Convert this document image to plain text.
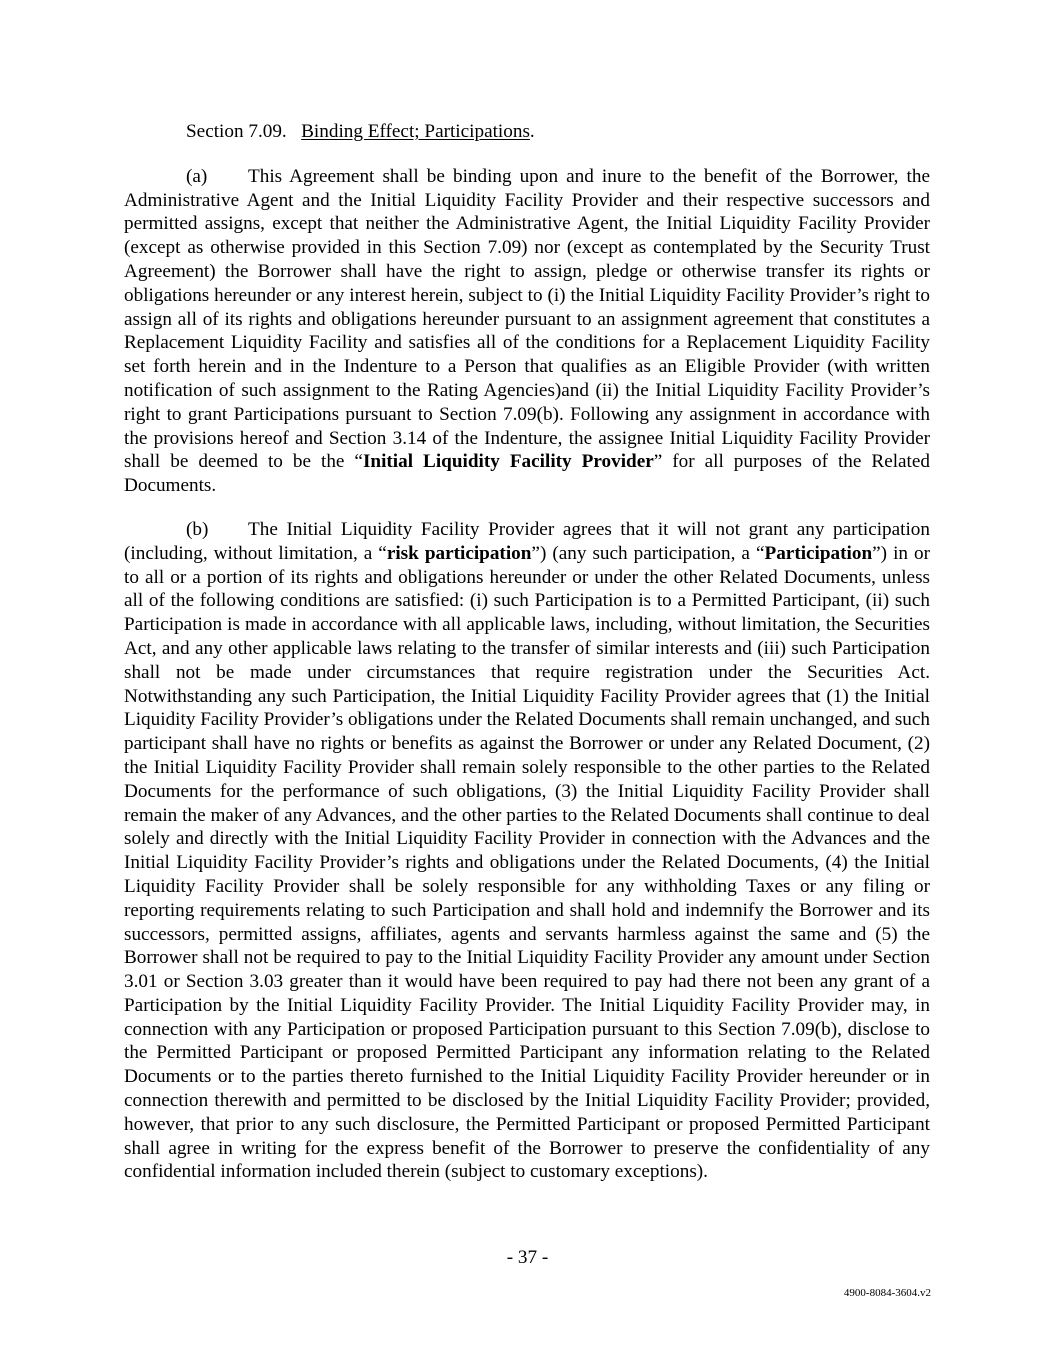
Section 7.09. Binding Effect; Participations.

(a) This Agreement shall be binding upon and inure to the benefit of the Borrower, the Administrative Agent and the Initial Liquidity Facility Provider and their respective successors and permitted assigns, except that neither the Administrative Agent, the Initial Liquidity Facility Provider (except as otherwise provided in this Section 7.09) nor (except as contemplated by the Security Trust Agreement) the Borrower shall have the right to assign, pledge or otherwise transfer its rights or obligations hereunder or any interest herein, subject to (i) the Initial Liquidity Facility Provider’s right to assign all of its rights and obligations hereunder pursuant to an assignment agreement that constitutes a Replacement Liquidity Facility and satisfies all of the conditions for a Replacement Liquidity Facility set forth herein and in the Indenture to a Person that qualifies as an Eligible Provider (with written notification of such assignment to the Rating Agencies)and (ii) the Initial Liquidity Facility Provider’s right to grant Participations pursuant to Section 7.09(b). Following any assignment in accordance with the provisions hereof and Section 3.14 of the Indenture, the assignee Initial Liquidity Facility Provider shall be deemed to be the “Initial Liquidity Facility Provider” for all purposes of the Related Documents.

(b) The Initial Liquidity Facility Provider agrees that it will not grant any participation (including, without limitation, a “risk participation”) (any such participation, a “Participation”) in or to all or a portion of its rights and obligations hereunder or under the other Related Documents, unless all of the following conditions are satisfied: (i) such Participation is to a Permitted Participant, (ii) such Participation is made in accordance with all applicable laws, including, without limitation, the Securities Act, and any other applicable laws relating to the transfer of similar interests and (iii) such Participation shall not be made under circumstances that require registration under the Securities Act. Notwithstanding any such Participation, the Initial Liquidity Facility Provider agrees that (1) the Initial Liquidity Facility Provider’s obligations under the Related Documents shall remain unchanged, and such participant shall have no rights or benefits as against the Borrower or under any Related Document, (2) the Initial Liquidity Facility Provider shall remain solely responsible to the other parties to the Related Documents for the performance of such obligations, (3) the Initial Liquidity Facility Provider shall remain the maker of any Advances, and the other parties to the Related Documents shall continue to deal solely and directly with the Initial Liquidity Facility Provider in connection with the Advances and the Initial Liquidity Facility Provider’s rights and obligations under the Related Documents, (4) the Initial Liquidity Facility Provider shall be solely responsible for any withholding Taxes or any filing or reporting requirements relating to such Participation and shall hold and indemnify the Borrower and its successors, permitted assigns, affiliates, agents and servants harmless against the same and (5) the Borrower shall not be required to pay to the Initial Liquidity Facility Provider any amount under Section 3.01 or Section 3.03 greater than it would have been required to pay had there not been any grant of a Participation by the Initial Liquidity Facility Provider. The Initial Liquidity Facility Provider may, in connection with any Participation or proposed Participation pursuant to this Section 7.09(b), disclose to the Permitted Participant or proposed Permitted Participant any information relating to the Related Documents or to the parties thereto furnished to the Initial Liquidity Facility Provider hereunder or in connection therewith and permitted to be disclosed by the Initial Liquidity Facility Provider; provided, however, that prior to any such disclosure, the Permitted Participant or proposed Permitted Participant shall agree in writing for the express benefit of the Borrower to preserve the confidentiality of any confidential information included therein (subject to customary exceptions).

- 37 -
4900-8084-3604.v2
